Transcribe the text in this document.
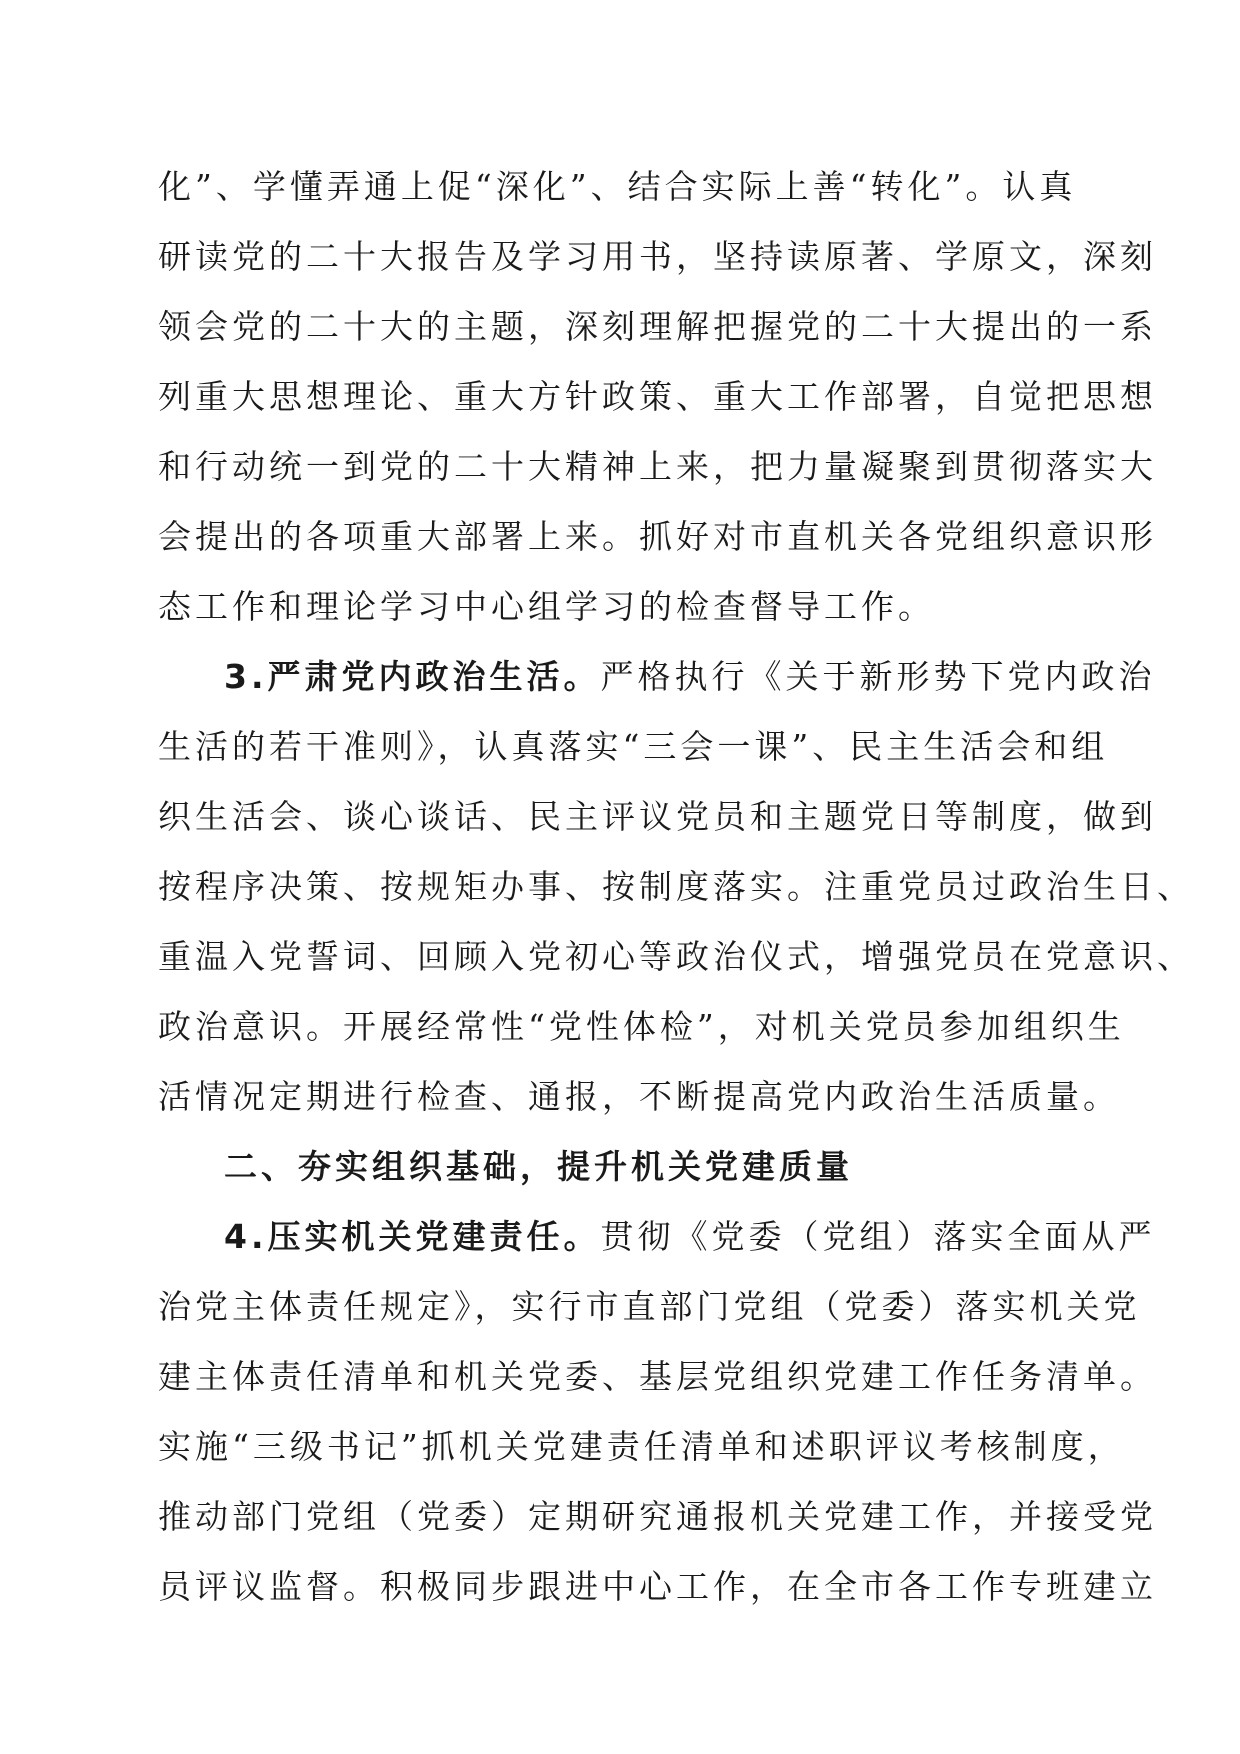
化”、学懂弄通上促“深化”、结合实际上善“转化”。认真
研读党的二十大报告及学习用书，坚持读原著、学原文，深刻
领会党的二十大的主题，深刻理解把握党的二十大提出的一系
列重大思想理论、重大方针政策、重大工作部署，自觉把思想
和行动统一到党的二十大精神上来，把力量凝聚到贯彻落实大
会提出的各项重大部署上来。抓好对市直机关各党组织意识形
态工作和理论学习中心组学习的检查督导工作。
3.严肃党内政治生活。严格执行《关于新形势下党内政治
生活的若干准则》，认真落实“三会一课”、民主生活会和组
织生活会、谈心谈话、民主评议党员和主题党日等制度，做到
按程序决策、按规矩办事、按制度落实。注重党员过政治生日、
重温入党誓词、回顾入党初心等政治仪式，增强党员在党意识、
政治意识。开展经常性“党性体检”，对机关党员参加组织生
活情况定期进行检查、通报，不断提高党内政治生活质量。
二、夯实组织基础，提升机关党建质量
4.压实机关党建责任。贯彻《党委（党组）落实全面从严
治党主体责任规定》，实行市直部门党组（党委）落实机关党
建主体责任清单和机关党委、基层党组织党建工作任务清单。
实施“三级书记”抓机关党建责任清单和述职评议考核制度，
推动部门党组（党委）定期研究通报机关党建工作，并接受党
员评议监督。积极同步跟进中心工作，在全市各工作专班建立
